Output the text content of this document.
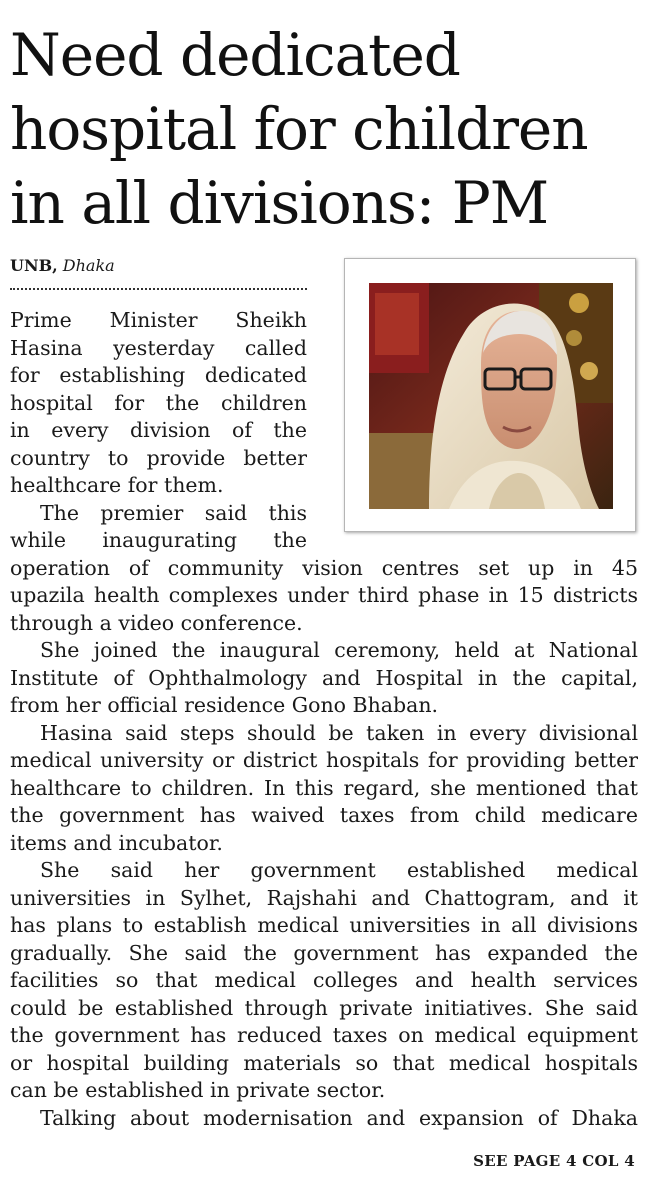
Need dedicated
hospital for children
in all divisions: PM
UNB, Dhaka
Prime Minister Sheikh
Hasina yesterday called
for establishing dedicated
hospital for the children
in every division of the
country to provide better
healthcare for them.
The premier said this
while inaugurating the
operation of community vision centres set up in 45
upazila health complexes under third phase in 15 districts
through a video conference.
She joined the inaugural ceremony, held at National
Institute of Ophthalmology and Hospital in the capital,
from her official residence Gono Bhaban.
Hasina said steps should be taken in every divisional
medical university or district hospitals for providing better
healthcare to children. In this regard, she mentioned that
the government has waived taxes from child medicare
items and incubator.
She said her government established medical
universities in Sylhet, Rajshahi and Chattogram, and it
has plans to establish medical universities in all divisions
gradually. She said the government has expanded the
facilities so that medical colleges and health services
could be established through private initiatives. She said
the government has reduced taxes on medical equipment
or hospital building materials so that medical hospitals
can be established in private sector.
Talking about modernisation and expansion of Dhaka
SEE PAGE 4 COL 4
